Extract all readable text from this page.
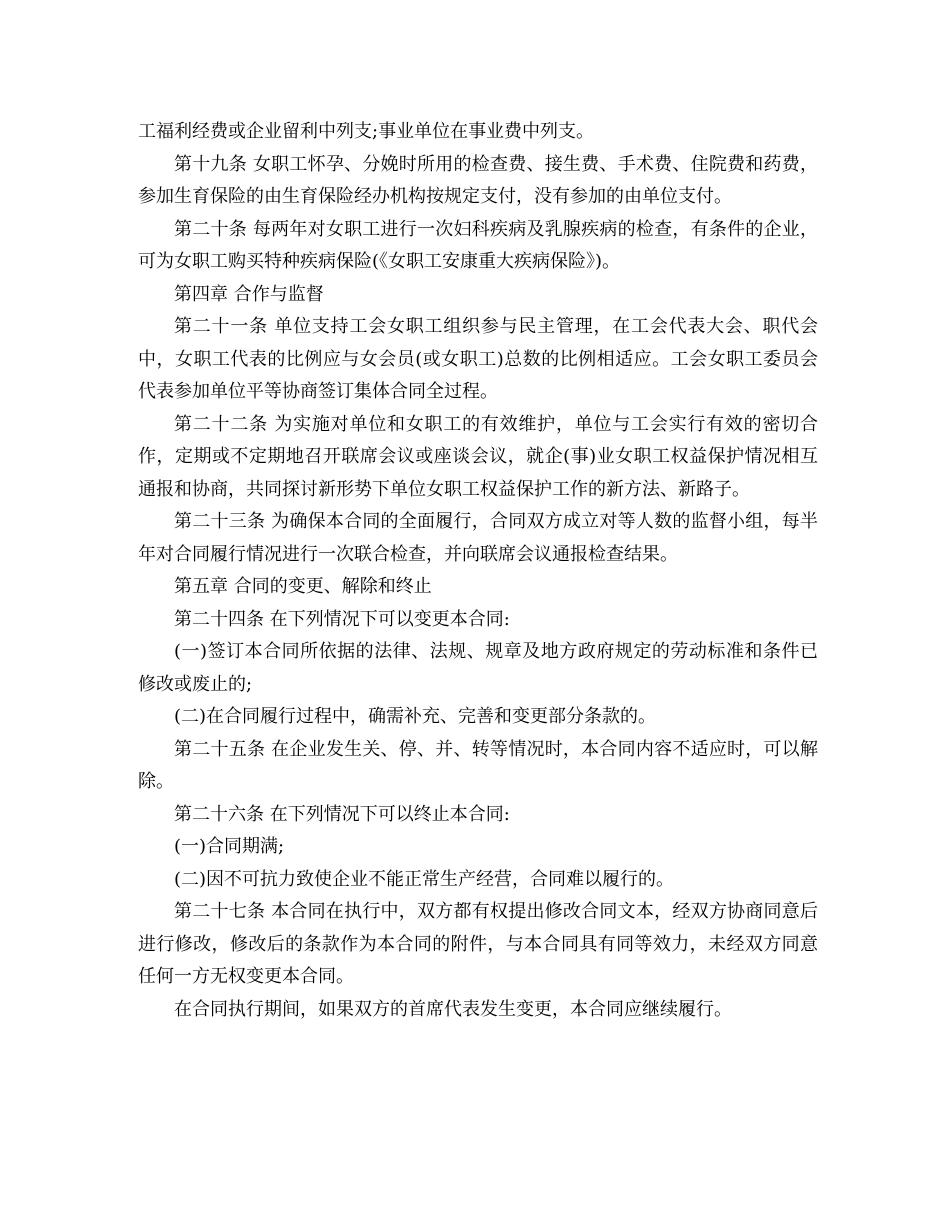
工福利经费或企业留利中列支;事业单位在事业费中列支。

第十九条 女职工怀孕、分娩时所用的检查费、接生费、手术费、住院费和药费，参加生育保险的由生育保险经办机构按规定支付，没有参加的由单位支付。

第二十条 每两年对女职工进行一次妇科疾病及乳腺疾病的检查，有条件的企业，可为女职工购买特种疾病保险(《女职工安康重大疾病保险》)。

第四章 合作与监督

第二十一条 单位支持工会女职工组织参与民主管理，在工会代表大会、职代会中，女职工代表的比例应与女会员(或女职工)总数的比例相适应。工会女职工委员会代表参加单位平等协商签订集体合同全过程。

第二十二条 为实施对单位和女职工的有效维护，单位与工会实行有效的密切合作，定期或不定期地召开联席会议或座谈会议，就企(事)业女职工权益保护情况相互通报和协商，共同探讨新形势下单位女职工权益保护工作的新方法、新路子。

第二十三条 为确保本合同的全面履行，合同双方成立对等人数的监督小组，每半年对合同履行情况进行一次联合检查，并向联席会议通报检查结果。

第五章 合同的变更、解除和终止

第二十四条 在下列情况下可以变更本合同:

(一)签订本合同所依据的法律、法规、规章及地方政府规定的劳动标准和条件已修改或废止的;

(二)在合同履行过程中，确需补充、完善和变更部分条款的。

第二十五条 在企业发生关、停、并、转等情况时，本合同内容不适应时，可以解除。

第二十六条 在下列情况下可以终止本合同:

(一)合同期满;

(二)因不可抗力致使企业不能正常生产经营，合同难以履行的。

第二十七条 本合同在执行中，双方都有权提出修改合同文本，经双方协商同意后进行修改，修改后的条款作为本合同的附件，与本合同具有同等效力，未经双方同意任何一方无权变更本合同。

在合同执行期间，如果双方的首席代表发生变更，本合同应继续履行。
